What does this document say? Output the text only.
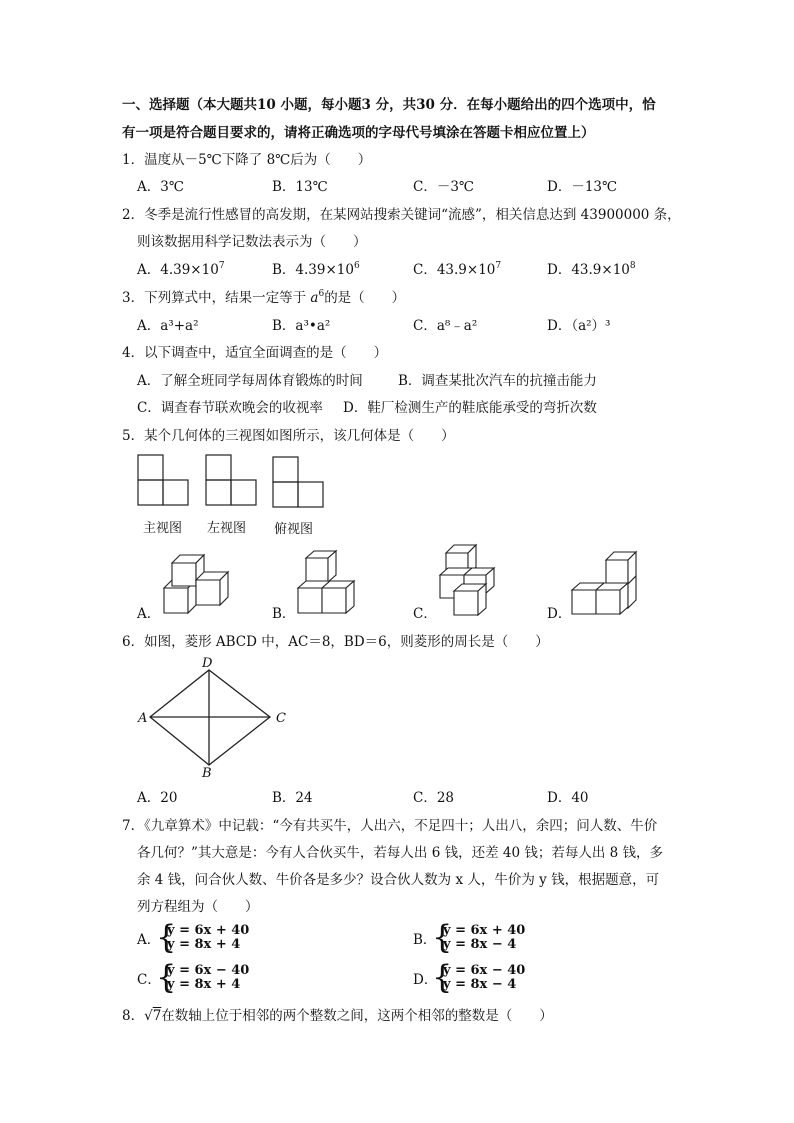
一、选择题（本大题共10 小题，每小题3 分，共30 分．在每小题给出的四个选项中，恰
有一项是符合题目要求的，请将正确选项的字母代号填涂在答题卡相应位置上）
1．温度从－5℃下降了 8℃后为（　　）
A．3℃	B．13℃	C．－3℃	D．－13℃
2．冬季是流行性感冒的高发期，在某网站搜索关键词“流感”，相关信息达到 43900000 条，
则该数据用科学记数法表示为（　　）
A．$4.39\times 10^7$	B．$4.39\times 10^6$	C．$43.9\times 10^7$	D．$43.9\times 10^8$
3．下列算式中，结果一定等于 $a^6$的是（　　）
A．a³+a²	B．a³•a²	C．a⁸﹣a²	D．（a²）³
4．以下调查中，适宜全面调查的是（　　）
A．了解全班同学每周体育锻炼的时间	B．调查某批次汽车的抗撞击能力
C．调查春节联欢晚会的收视率 D．鞋厂检测生产的鞋底能承受的弯折次数
5．某个几何体的三视图如图所示，该几何体是（　　）
主视图 左视图 俯视图
A．	B．	C．	D．
6．如图，菱形 ABCD 中，AC＝8，BD＝6，则菱形的周长是（　　）
D
A	C
B
A．20	B．24	C．28	D．40
7．《九章算术》中记载：“今有共买牛，人出六，不足四十；人出八，余四；问人数、牛价
各几何？”其大意是：今有人合伙买牛，若每人出 6 钱，还差 40 钱；若每人出 8 钱，多
余 4 钱，问合伙人数、牛价各是多少？设合伙人数为 x 人，牛价为 y 钱，根据题意，可
列方程组为（　　）
A．
{
y = 6x + 40
y = 8x + 4	B．
{
y = 6x + 40
y = 8x − 4
C．
{
y = 6x − 40
y = 8x + 4	D．
{
y = 6x − 40
y = 8x − 4
8．√7在数轴上位于相邻的两个整数之间，这两个相邻的整数是（　　）
